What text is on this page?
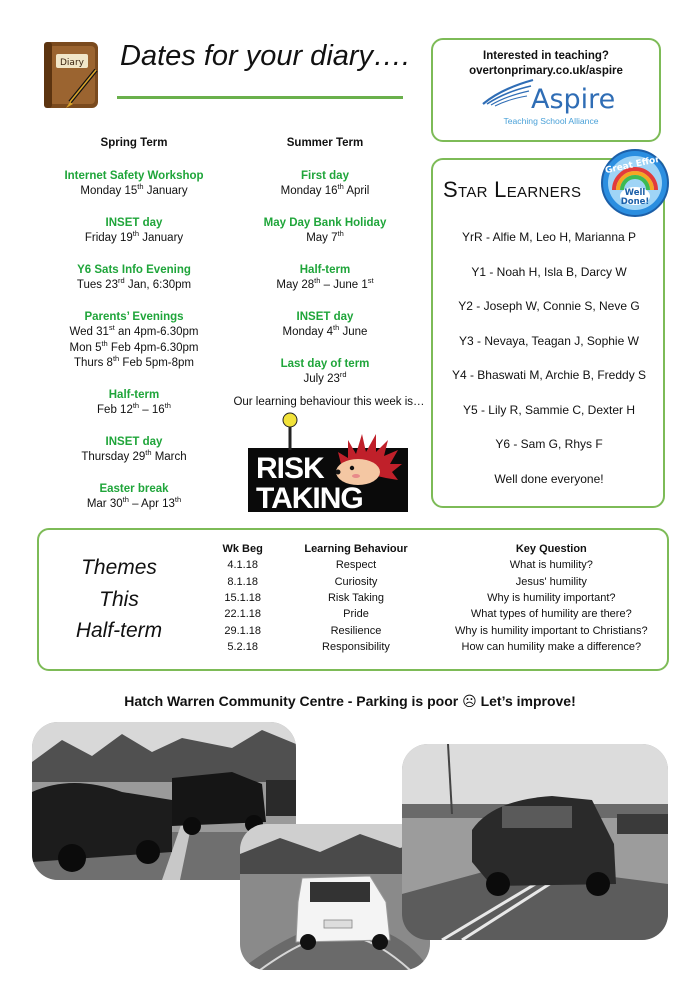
Diary Dates for your diary….	Interested in teaching?
overtonprimary.co.uk/aspire
Aspire
Teaching School Alliance
Spring Term
Internet Safety Workshop
Monday 15th January
INSET day
Friday 19th January
Y6 Sats Info Evening
Tues 23rd Jan, 6:30pm
Parents’ Evenings
Wed 31st an 4pm-6.30pm
Mon 5th Feb 4pm-6.30pm
Thurs 8th Feb 5pm-8pm
Half-term
Feb 12th – 16th
INSET day
Thursday 29th March
Easter break
Mar 30th – Apr 13th
Summer Term
First day
Monday 16th April
May Day Bank Holiday
May 7th
Half-term
May 28th – June 1st
INSET day
Monday 4th June
Last day of term
July 23rd
Our learning behaviour this week is…
RISK
TAKING
Star Learners
YrR - Alfie M, Leo H, Marianna P
Y1 - Noah H, Isla B, Darcy W
Y2 - Joseph W, Connie S, Neve G
Y3 - Nevaya, Teagan J, Sophie W
Y4 - Bhaswati M, Archie B, Freddy S
Y5 - Lily R, Sammie C, Dexter H
Y6 - Sam G, Rhys F
Well done everyone!
Great Effort
Well
Done!
Themes
This
Half-term
Wk Beg	Learning Behaviour	Key Question
4.1.18	Respect	What is humility?
8.1.18	Curiosity	Jesus' humility
15.1.18	Risk Taking	Why is humility important?
22.1.18	Pride	What types of humility are there?
29.1.18	Resilience	Why is humility important to Christians?
5.2.18	Responsibility	How can humility make a difference?
Hatch Warren Community Centre - Parking is poor ☹ Let’s improve!
